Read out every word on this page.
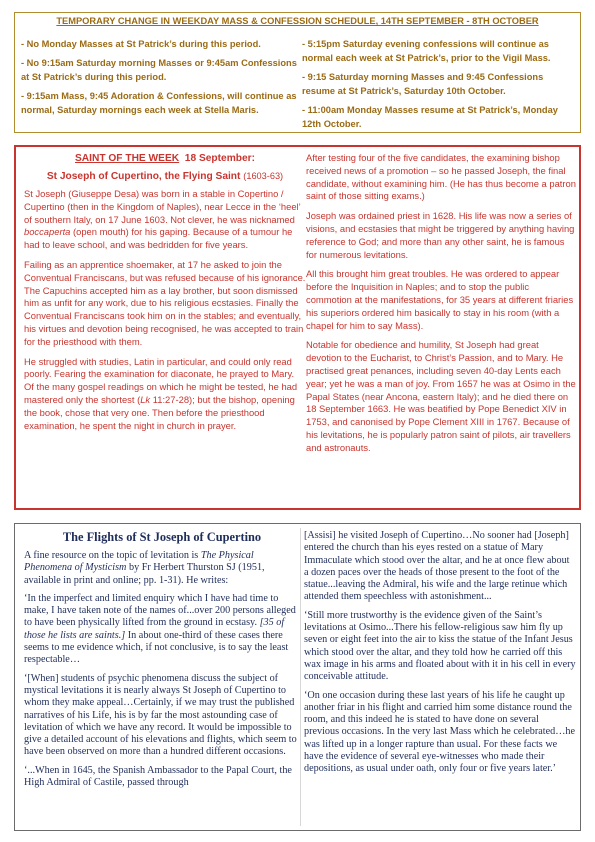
TEMPORARY CHANGE IN WEEKDAY MASS & CONFESSION SCHEDULE, 14TH SEPTEMBER - 8TH OCTOBER

- No Monday Masses at St Patrick’s during this period.

- No 9:15am Saturday morning Masses or 9:45am Confessions at St Patrick’s during this period.

- 9:15am Mass, 9:45 Adoration & Confessions, will continue as normal, Saturday mornings each week at Stella Maris.

- 5:15pm Saturday evening confessions will continue as normal each week at St Patrick’s, prior to the Vigil Mass.

- 9:15 Saturday morning Masses and 9:45 Confessions resume at St Patrick’s, Saturday 10th October.

- 11:00am Monday Masses resume at St Patrick’s, Monday 12th October.

SAINT OF THE WEEK 18 September:
St Joseph of Cupertino, the Flying Saint (1603-63)

St Joseph (Giuseppe Desa) was born in a stable in Copertino / Cupertino (then in the Kingdom of Naples), near Lecce in the ‘heel’ of southern Italy, on 17 June 1603. Not clever, he was nicknamed boccaperta (open mouth) for his gaping. Because of a tumour he had to leave school, and was bedridden for five years.

Failing as an apprentice shoemaker, at 17 he asked to join the Conventual Franciscans, but was refused because of his ignorance. The Capuchins accepted him as a lay brother, but soon dismissed him as unfit for any work, due to his religious ecstasies. Finally the Conventual Franciscans took him on in the stables; and eventually, his virtues and devotion being recognised, he was accepted to train for the priesthood with them.

He struggled with studies, Latin in particular, and could only read poorly. Fearing the examination for diaconate, he prayed to Mary. Of the many gospel readings on which he might be tested, he had mastered only the shortest (Lk 11:27-28); but the bishop, opening the book, chose that very one. Then before the priesthood examination, he spent the night in church in prayer.

After testing four of the five candidates, the examining bishop received news of a promotion – so he passed Joseph, the final candidate, without examining him. (He has thus become a patron saint of those sitting exams.)

Joseph was ordained priest in 1628. His life was now a series of visions, and ecstasies that might be triggered by anything having reference to God; and more than any other saint, he is famous for numerous levitations.

All this brought him great troubles. He was ordered to appear before the Inquisition in Naples; and to stop the public commotion at the manifestations, for 35 years at different friaries his superiors ordered him basically to stay in his room (with a chapel for him to say Mass).

Notable for obedience and humility, St Joseph had great devotion to the Eucharist, to Christ’s Passion, and to Mary. He practised great penances, including seven 40-day Lents each year; yet he was a man of joy. From 1657 he was at Osimo in the Papal States (near Ancona, eastern Italy); and he died there on 18 September 1663. He was beatified by Pope Benedict XIV in 1753, and canonised by Pope Clement XIII in 1767. Because of his levitations, he is popularly patron saint of pilots, air travellers and astronauts.

The Flights of St Joseph of Cupertino

A fine resource on the topic of levitation is The Physical Phenomena of Mysticism by Fr Herbert Thurston SJ (1951, available in print and online; pp. 1-31). He writes:

‘In the imperfect and limited enquiry which I have had time to make, I have taken note of the names of...over 200 persons alleged to have been physically lifted from the ground in ecstasy. [35 of those he lists are saints.] In about one-third of these cases there seems to me evidence which, if not conclusive, is to say the least respectable…

‘[When] students of psychic phenomena discuss the subject of mystical levitations it is nearly always St Joseph of Cupertino to whom they make appeal…Certainly, if we may trust the published narratives of his Life, his is by far the most astounding case of levitation of which we have any record. It would be impossible to give a detailed account of his elevations and flights, which seem to have been observed on more than a hundred different occasions.

‘...When in 1645, the Spanish Ambassador to the Papal Court, the High Admiral of Castile, passed through

[Assisi] he visited Joseph of Cupertino…No sooner had [Joseph] entered the church than his eyes rested on a statue of Mary Immaculate which stood over the altar, and he at once flew about a dozen paces over the heads of those present to the foot of the statue...leaving the Admiral, his wife and the large retinue which attended them speechless with astonishment...

‘Still more trustworthy is the evidence given of the Saint’s levitations at Osimo...There his fellow-religious saw him fly up seven or eight feet into the air to kiss the statue of the Infant Jesus which stood over the altar, and they told how he carried off this wax image in his arms and floated about with it in his cell in every conceivable attitude.

‘On one occasion during these last years of his life he caught up another friar in his flight and carried him some distance round the room, and this indeed he is stated to have done on several previous occasions. In the very last Mass which he celebrated…he was lifted up in a longer rapture than usual. For these facts we have the evidence of several eye-witnesses who made their depositions, as usual under oath, only four or five years later.’
